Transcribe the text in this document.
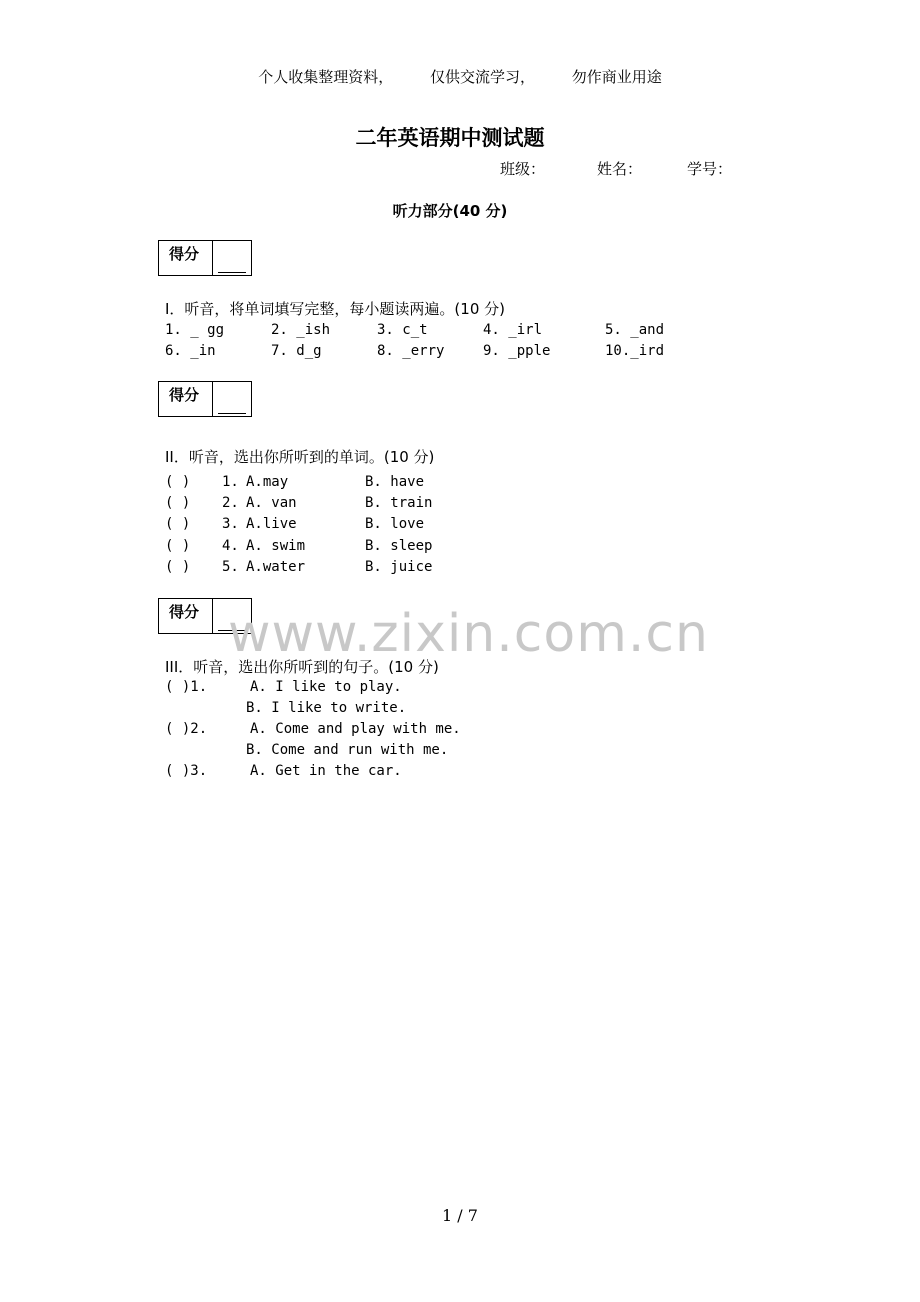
个人收集整理资料， 仅供交流学习， 勿作商业用途
二年英语期中测试题
班级：	姓名：	学号：
听力部分(40 分)
得分
I．听音，将单词填写完整，每小题读两遍。(10 分)
1. _ gg	2. _ish	3. c_t	4. _irl	5. _and
6. _in	7. d_g	8. _erry	9. _pple	10._ird
得分
II．听音，选出你所听到的单词。(10 分)
( ) 1. A.may	B. have
( ) 2. A. van	B. train
( ) 3. A.live	B. love
( ) 4. A. swim	B. sleep
( ) 5. A.water	B. juice
得分 www.zixin.com.cn
III．听音，选出你所听到的句子。(10 分)
( )1.	A. I like to play.
B. I like to write.
( )2.	A. Come and play with me.
B. Come and run with me.
( )3.	A. Get in the car.
1 / 7
